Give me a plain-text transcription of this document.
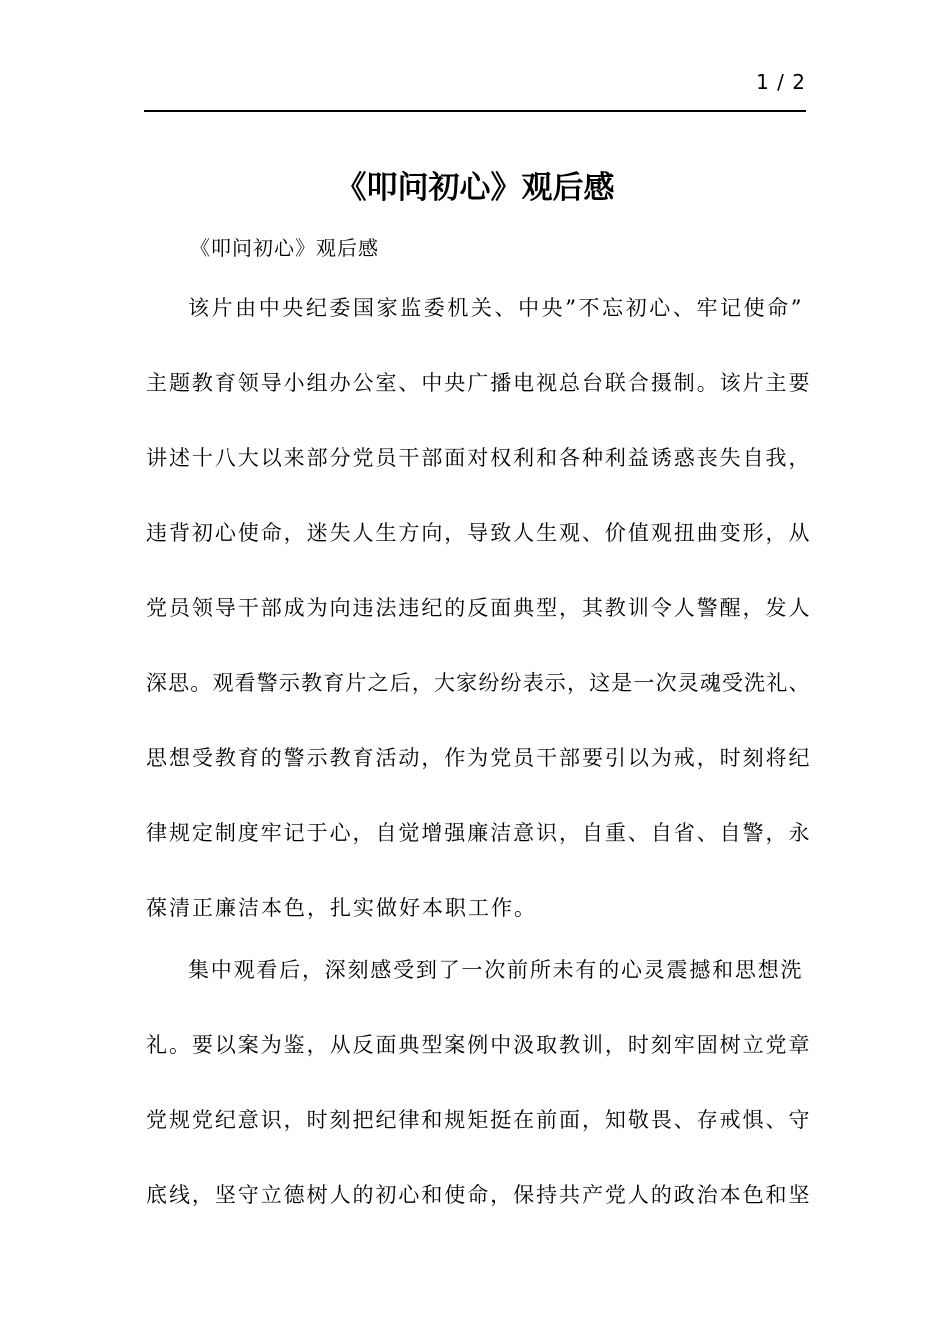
1 / 2
《叩问初心》观后感
《叩问初心》观后感
该片由中央纪委国家监委机关、中央”不忘初心、牢记使命”
主题教育领导小组办公室、中央广播电视总台联合摄制。该片主要
讲述十八大以来部分党员干部面对权利和各种利益诱惑丧失自我，
违背初心使命，迷失人生方向，导致人生观、价值观扭曲变形，从
党员领导干部成为向违法违纪的反面典型，其教训令人警醒，发人
深思。观看警示教育片之后，大家纷纷表示，这是一次灵魂受洗礼、
思想受教育的警示教育活动，作为党员干部要引以为戒，时刻将纪
律规定制度牢记于心，自觉增强廉洁意识，自重、自省、自警，永
葆清正廉洁本色，扎实做好本职工作。
集中观看后，深刻感受到了一次前所未有的心灵震撼和思想洗
礼。要以案为鉴，从反面典型案例中汲取教训，时刻牢固树立党章
党规党纪意识，时刻把纪律和规矩挺在前面，知敬畏、存戒惧、守
底线，坚守立德树人的初心和使命，保持共产党人的政治本色和坚
